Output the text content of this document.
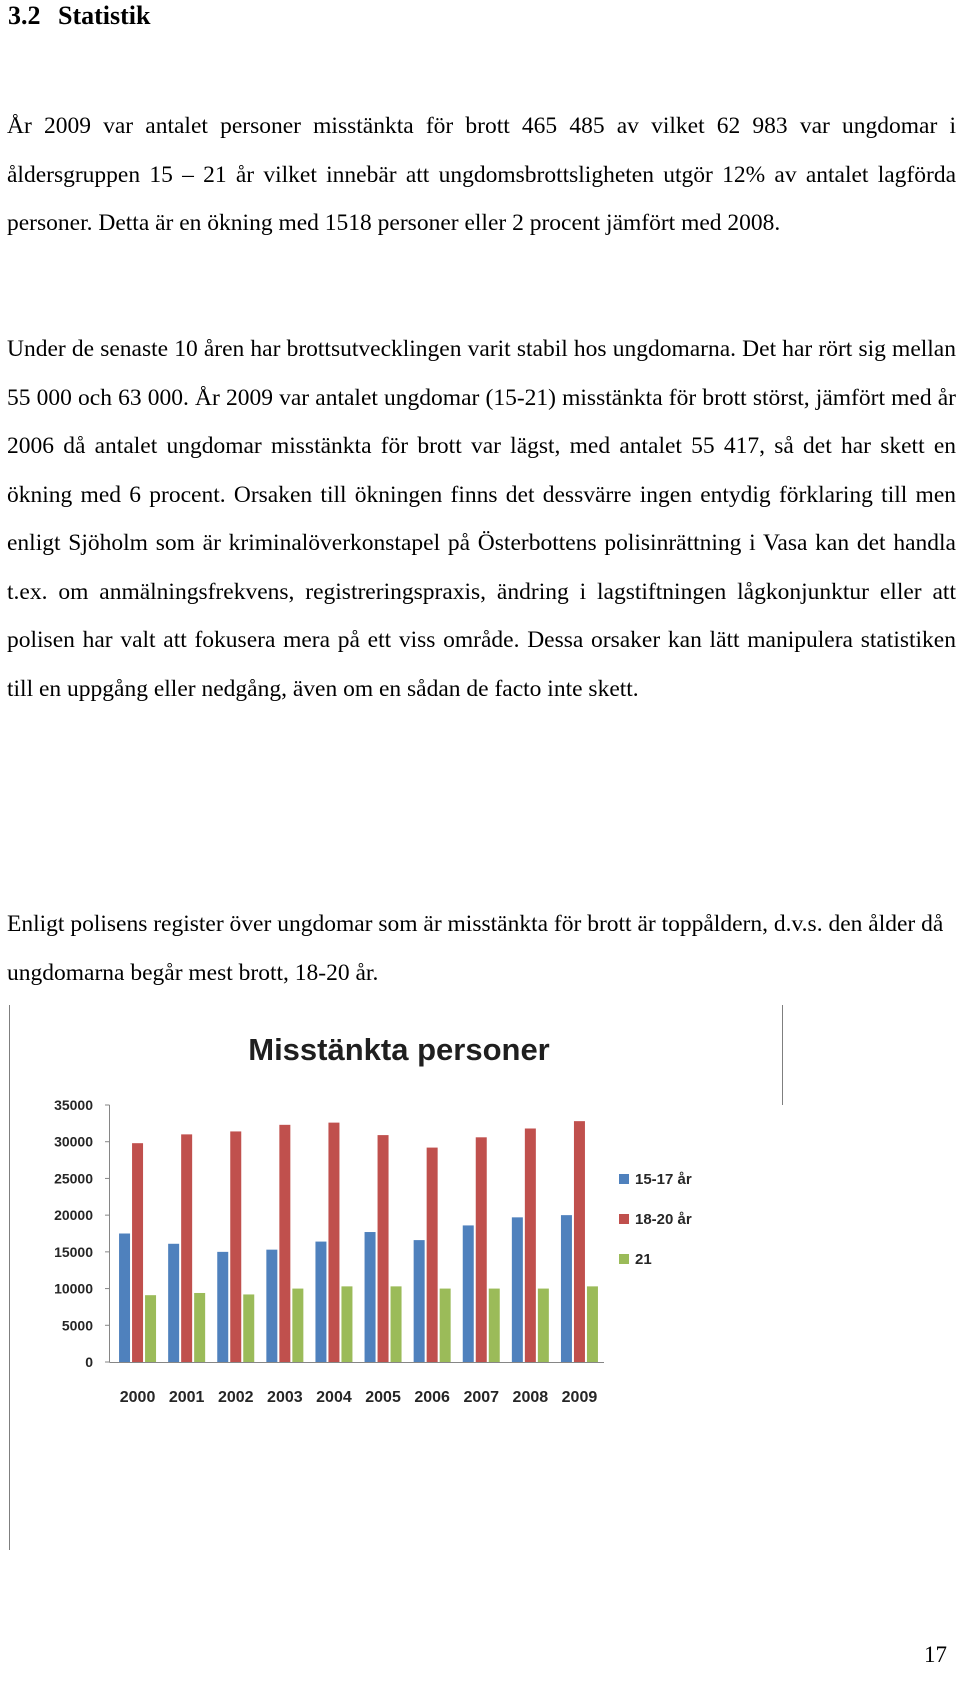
3.2 Statistik

År 2009 var antalet personer misstänkta för brott 465 485 av vilket 62 983 var ungdomar i åldersgruppen 15 – 21 år vilket innebär att ungdomsbrottsligheten utgör 12% av antalet lagförda personer. Detta är en ökning med 1518 personer eller 2 procent jämfört med 2008.

Under de senaste 10 åren har brottsutvecklingen varit stabil hos ungdomarna. Det har rört sig mellan 55 000 och 63 000. År 2009 var antalet ungdomar (15-21) misstänkta för brott störst, jämfört med år 2006 då antalet ungdomar misstänkta för brott var lägst, med antalet 55 417, så det har skett en ökning med 6 procent. Orsaken till ökningen finns det dessvärre ingen entydig förklaring till men enligt Sjöholm som är kriminalöverkonstapel på Österbottens polisinrättning i Vasa kan det handla t.ex. om anmälningsfrekvens, registreringspraxis, ändring i lagstiftningen lågkonjunktur eller att polisen har valt att fokusera mera på ett viss område. Dessa orsaker kan lätt manipulera statistiken till en uppgång eller nedgång, även om en sådan de facto inte skett.

Enligt polisens register över ungdomar som är misstänkta för brott är toppåldern, d.v.s. den ålder då ungdomarna begår mest brott, 18-20 år.

Misstänkta personer
0
5000
10000
15000
20000
25000
30000
35000
2000 2001 2002 2003 2004 2005 2006 2007 2008 2009
15-17 år
18-20 år
21
17
